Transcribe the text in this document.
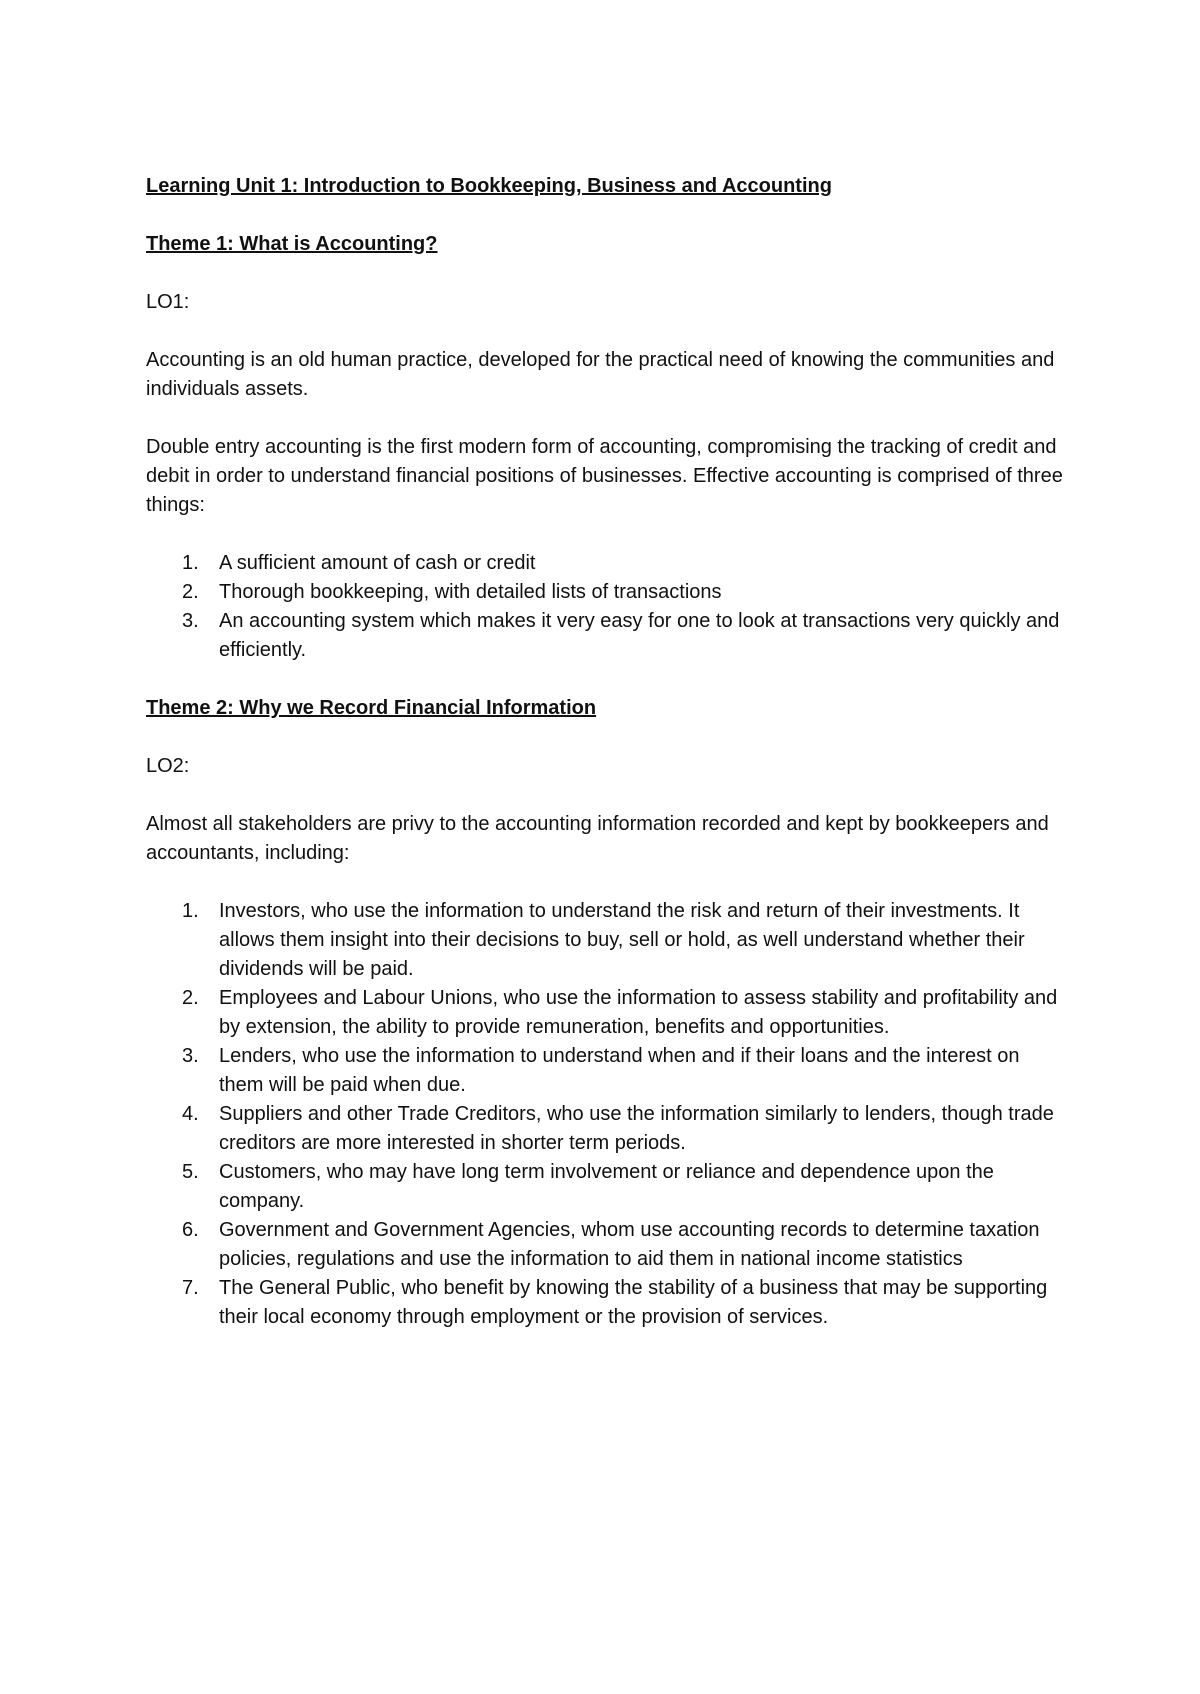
Learning Unit 1: Introduction to Bookkeeping, Business and Accounting

Theme 1: What is Accounting?

LO1:

Accounting is an old human practice, developed for the practical need of knowing the communities and individuals assets.

Double entry accounting is the first modern form of accounting, compromising the tracking of credit and debit in order to understand financial positions of businesses. Effective accounting is comprised of three things:

1.	A sufficient amount of cash or credit
2.	Thorough bookkeeping, with detailed lists of transactions
3.	An accounting system which makes it very easy for one to look at transactions very quickly and efficiently.

Theme 2: Why we Record Financial Information

LO2:

Almost all stakeholders are privy to the accounting information recorded and kept by bookkeepers and accountants, including:

1.	Investors, who use the information to understand the risk and return of their investments. It allows them insight into their decisions to buy, sell or hold, as well understand whether their dividends will be paid.
2.	Employees and Labour Unions, who use the information to assess stability and profitability and by extension, the ability to provide remuneration, benefits and opportunities.
3.	Lenders, who use the information to understand when and if their loans and the interest on them will be paid when due.
4.	Suppliers and other Trade Creditors, who use the information similarly to lenders, though trade creditors are more interested in shorter term periods.
5.	Customers, who may have long term involvement or reliance and dependence upon the company.
6.	Government and Government Agencies, whom use accounting records to determine taxation policies, regulations and use the information to aid them in national income statistics
7.	The General Public, who benefit by knowing the stability of a business that may be supporting their local economy through employment or the provision of services.
